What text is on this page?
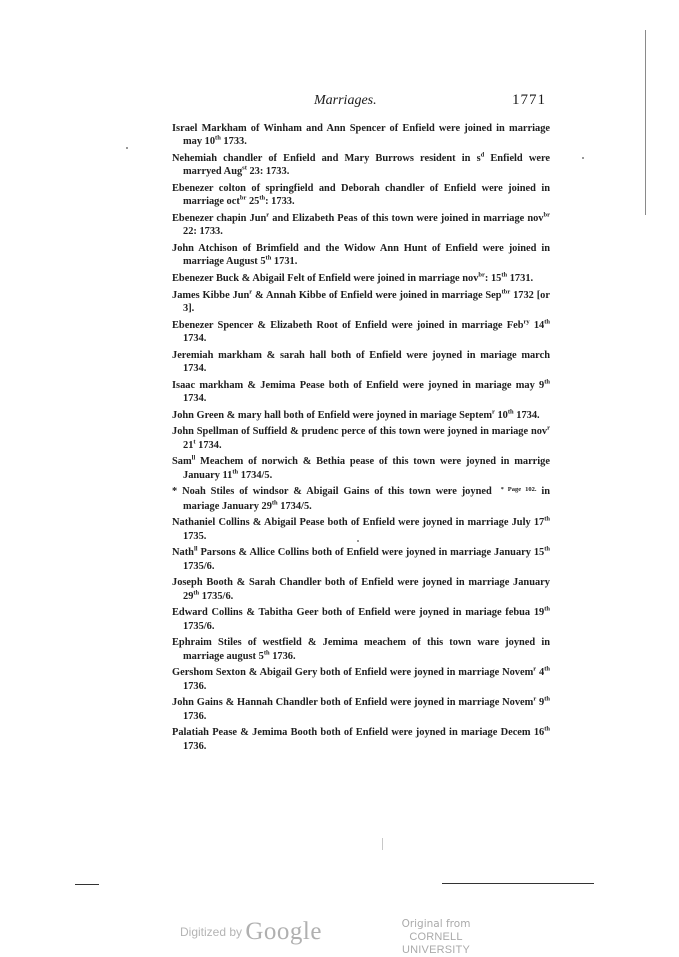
Marriages.	1771
Israel Markham of Winham and Ann Spencer of Enfield were joined in marriage may 10th 1733.
Nehemiah chandler of Enfield and Mary Burrows resident in $s^d$ Enfield were marryed Aug$^{st}$ 23: 1733.
Ebenezer colton of springfield and Deborah chandler of Enfield were joined in marriage oct$^{br}$ 25th: 1733.
Ebenezer chapin Jun$^r$ and Elizabeth Peas of this town were joined in marriage nov$^{br}$ 22: 1733.
John Atchison of Brimfield and the Widow Ann Hunt of Enfield were joined in marriage August 5th 1731.
Ebenezer Buck & Abigail Felt of Enfield were joined in marriage nov$^{br}$: 15th 1731.
James Kibbe Jun$^r$ & Annah Kibbe of Enfield were joined in marriage Sep$^{tbr}$ 1732 [or 3].
Ebenezer Spencer & Elizabeth Root of Enfield were joined in marriage Feb$^{ry}$ 14th 1734.
Jeremiah markham & sarah hall both of Enfield were joyned in mariage march 1734.
Isaac markham & Jemima Pease both of Enfield were joyned in mariage may 9th 1734.
John Green & mary hall both of Enfield were joyned in mariage Septem$^r$ 10th 1734.
John Spellman of Suffield & prudenc perce of this town were joyned in mariage nov$^r$ 21$^t$ 1734.
Sam$^{ll}$ Meachem of norwich & Bethia pease of this town were joyned in marrige January 11th 1734/5.
* Noah Stiles of windsor & Abigail Gains of this town were joyned $^{* Page 102.}$ in mariage January 29th 1734/5.
Nathaniel Collins & Abigail Pease both of Enfield were joyned in marriage July 17th 1735.
Nath$^{ll}$ Parsons & Allice Collins both of Enfield were joyned in marriage January 15th 1735/6.
Joseph Booth & Sarah Chandler both of Enfield were joyned in marriage January 29th 1735/6.
Edward Collins & Tabitha Geer both of Enfield were joyned in mariage febua 19th 1735/6.
Ephraim Stiles of westfield & Jemima meachem of this town ware joyned in marriage august 5th 1736.
Gershom Sexton & Abigail Gery both of Enfield were joyned in marriage Novem$^r$ 4th 1736.
John Gains & Hannah Chandler both of Enfield were joyned in marriage Novem$^r$ 9th 1736.
Palatiah Pease & Jemima Booth both of Enfield were joyned in mariage Decem 16th 1736.
Digitized by Google	Original from
CORNELL UNIVERSITY
